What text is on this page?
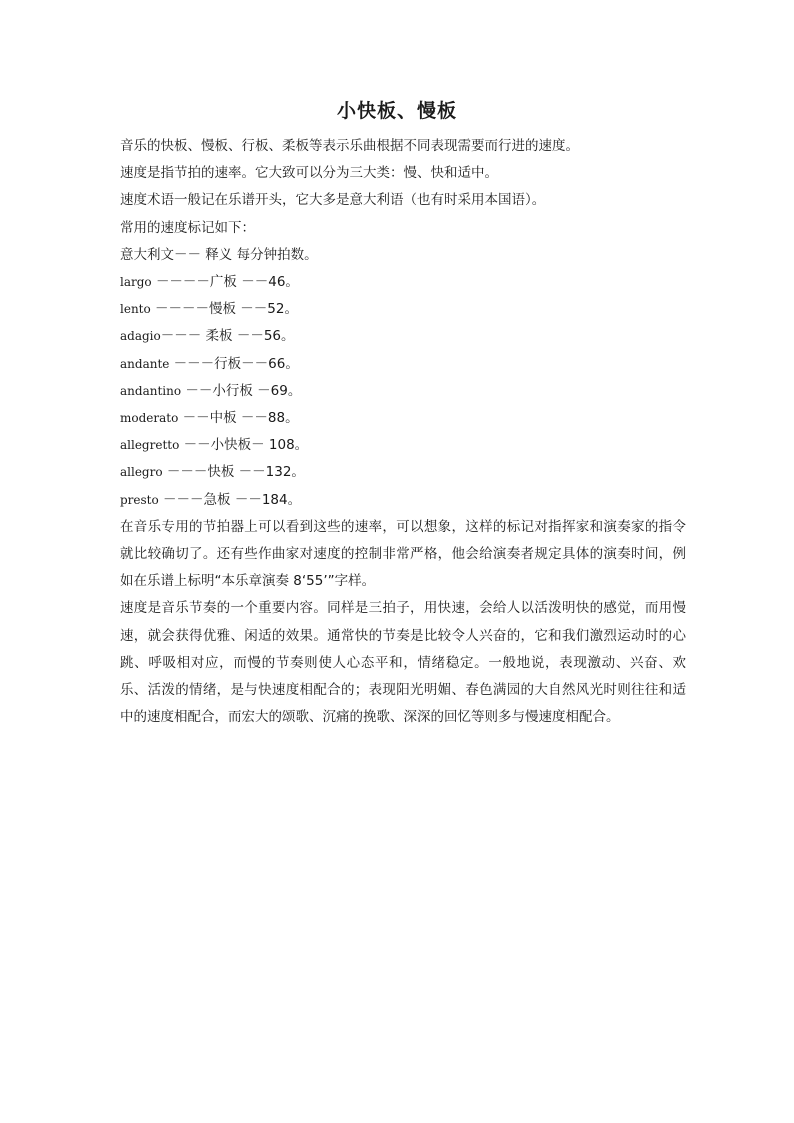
小快板、慢板

音乐的快板、慢板、行板、柔板等表示乐曲根据不同表现需要而行进的速度。

速度是指节拍的速率。它大致可以分为三大类：慢、快和适中。

速度术语一般记在乐谱开头，它大多是意大利语（也有时采用本国语）。

常用的速度标记如下：

意大利文－－ 释义 每分钟拍数。

largo －－－－广板 －－46。

lento －－－－慢板 －－52。

adagio－－－ 柔板 －－56。

andante －－－行板－－66。

andantino －－小行板 －69。

moderato －－中板 －－88。

allegretto －－小快板－ 108。

allegro －－－快板 －－132。

presto －－－急板 －－184。

在音乐专用的节拍器上可以看到这些的速率，可以想象，这样的标记对指挥家和演奏家的指令就比较确切了。还有些作曲家对速度的控制非常严格，他会给演奏者规定具体的演奏时间，例如在乐谱上标明“本乐章演奏 8‘55’”字样。

速度是音乐节奏的一个重要内容。同样是三拍子，用快速，会给人以活泼明快的感觉，而用慢速，就会获得优雅、闲适的效果。通常快的节奏是比较令人兴奋的，它和我们激烈运动时的心跳、呼吸相对应，而慢的节奏则使人心态平和，情绪稳定。一般地说，表现激动、兴奋、欢乐、活泼的情绪，是与快速度相配合的；表现阳光明媚、春色满园的大自然风光时则往往和适中的速度相配合，而宏大的颂歌、沉痛的挽歌、深深的回忆等则多与慢速度相配合。
